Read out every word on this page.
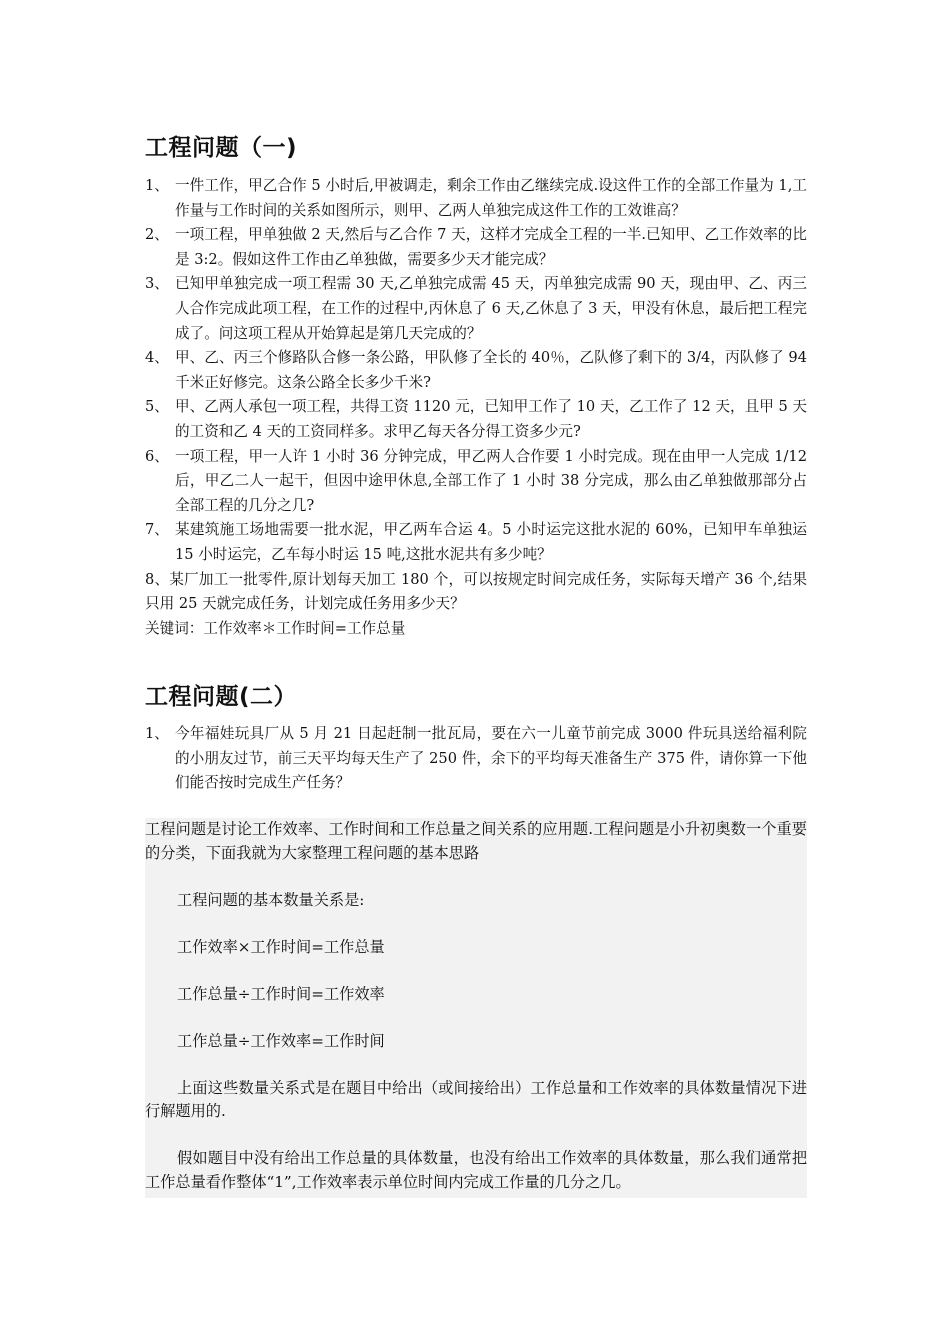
工程问题（一)
1、 一件工作，甲乙合作 5 小时后,甲被调走，剩余工作由乙继续完成.设这件工作的全部工作量为 1,工作量与工作时间的关系如图所示，则甲、乙两人单独完成这件工作的工效谁高？
2、 一项工程，甲单独做 2 天,然后与乙合作 7 天，这样才完成全工程的一半.已知甲、乙工作效率的比是 3:2。假如这件工作由乙单独做，需要多少天才能完成？
3、 已知甲单独完成一项工程需 30 天,乙单独完成需 45 天，丙单独完成需 90 天，现由甲、乙、丙三人合作完成此项工程，在工作的过程中,丙休息了 6 天,乙休息了 3 天，甲没有休息，最后把工程完成了。问这项工程从开始算起是第几天完成的？
4、 甲、乙、丙三个修路队合修一条公路，甲队修了全长的 40％，乙队修了剩下的 3/4，丙队修了 94 千米正好修完。这条公路全长多少千米?
5、 甲、乙两人承包一项工程，共得工资 1120 元，已知甲工作了 10 天，乙工作了 12 天，且甲 5 天的工资和乙 4 天的工资同样多。求甲乙每天各分得工资多少元?
6、 一项工程，甲一人许 1 小时 36 分钟完成，甲乙两人合作要 1 小时完成。现在由甲一人完成 1/12 后，甲乙二人一起干，但因中途甲休息,全部工作了 1 小时 38 分完成，那么由乙单独做那部分占全部工程的几分之几?
7、 某建筑施工场地需要一批水泥，甲乙两车合运 4。5 小时运完这批水泥的 60%，已知甲车单独运 15 小时运完，乙车每小时运 15 吨,这批水泥共有多少吨？
8、某厂加工一批零件,原计划每天加工 180 个，可以按规定时间完成任务，实际每天增产 36 个,结果只用 25 天就完成任务，计划完成任务用多少天？
关键词：工作效率＊工作时间=工作总量
工程问题(二）
1、 今年福娃玩具厂从 5 月 21 日起赶制一批瓦局，要在六一儿童节前完成 3000 件玩具送给福利院的小朋友过节，前三天平均每天生产了 250 件，余下的平均每天准备生产 375 件，请你算一下他们能否按时完成生产任务？

工程问题是讨论工作效率、工作时间和工作总量之间关系的应用题.工程问题是小升初奥数一个重要的分类，下面我就为大家整理工程问题的基本思路

工程问题的基本数量关系是:

工作效率×工作时间=工作总量

工作总量÷工作时间=工作效率

工作总量÷工作效率=工作时间

上面这些数量关系式是在题目中给出（或间接给出）工作总量和工作效率的具体数量情况下进行解题用的.

假如题目中没有给出工作总量的具体数量，也没有给出工作效率的具体数量，那么我们通常把工作总量看作整体“1”,工作效率表示单位时间内完成工作量的几分之几。
